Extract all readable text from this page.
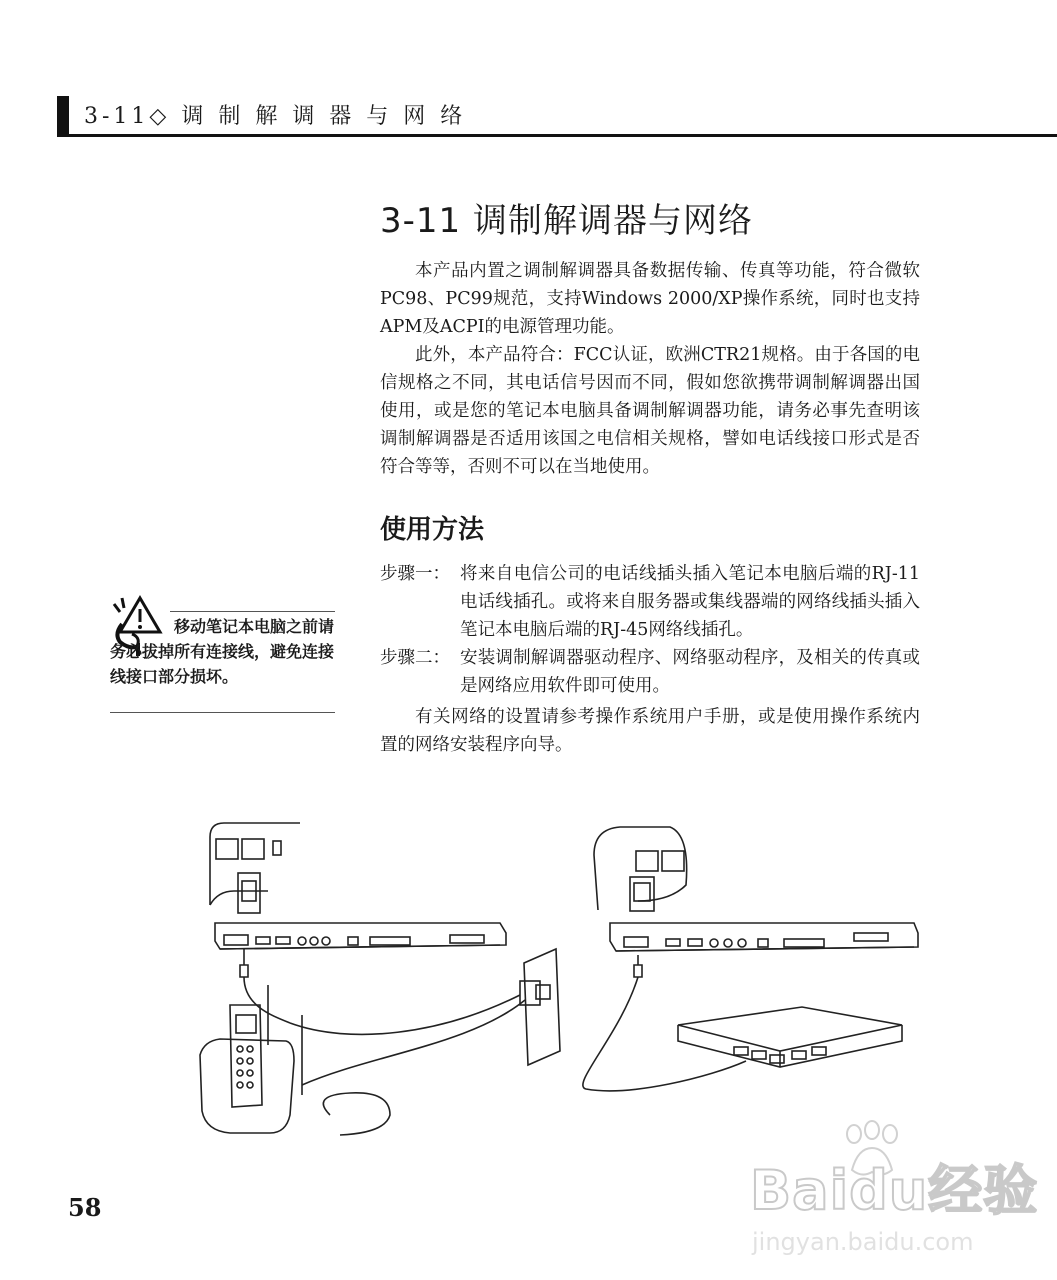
3-11◇ 调 制 解 调 器 与 网 络
3-11 调制解调器与网络

本产品内置之调制解调器具备数据传输、传真等功能，符合微软PC98、PC99规范，支持Windows 2000/XP操作系统，同时也支持APM及ACPI的电源管理功能。

此外，本产品符合：FCC认证，欧洲CTR21规格。由于各国的电信规格之不同，其电话信号因而不同，假如您欲携带调制解调器出国使用，或是您的笔记本电脑具备调制解调器功能，请务必事先查明该调制解调器是否适用该国之电信相关规格，譬如电话线接口形式是否符合等等，否则不可以在当地使用。

使用方法
步骤一： 将来自电信公司的电话线插头插入笔记本电脑后端的RJ-11电话线插孔。或将来自服务器或集线器端的网络线插头插入笔记本电脑后端的RJ-45网络线插孔。
步骤二： 安装调制解调器驱动程序、网络驱动程序，及相关的传真或是网络应用软件即可使用。

有关网络的设置请参考操作系统用户手册，或是使用操作系统内置的网络安装程序向导。

移动笔记本电脑之前请务必拔掉所有连接线，避免连接线接口部分损坏。
58	Baidu经验
jingyan.baidu.com
